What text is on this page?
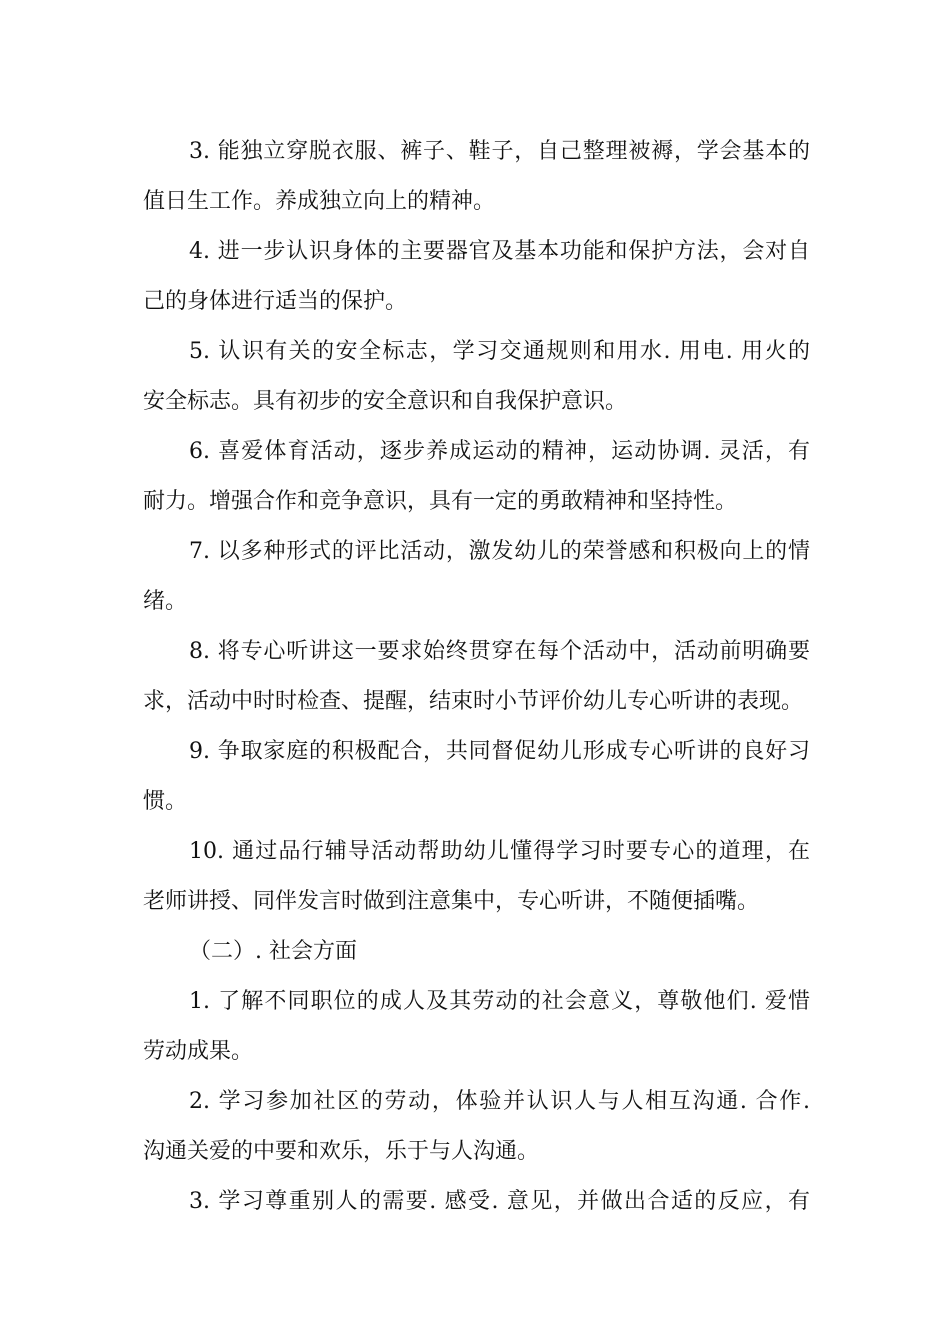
3. 能独立穿脱衣服、裤子、鞋子，自己整理被褥，学会基本的
值日生工作。养成独立向上的精神。
4. 进一步认识身体的主要器官及基本功能和保护方法，会对自
己的身体进行适当的保护。
5. 认识有关的安全标志，学习交通规则和用水. 用电. 用火的
安全标志。具有初步的安全意识和自我保护意识。
6. 喜爱体育活动，逐步养成运动的精神，运动协调. 灵活，有
耐力。增强合作和竞争意识，具有一定的勇敢精神和坚持性。
7. 以多种形式的评比活动，激发幼儿的荣誉感和积极向上的情
绪。
8. 将专心听讲这一要求始终贯穿在每个活动中，活动前明确要
求，活动中时时检查、提醒，结束时小节评价幼儿专心听讲的表现。
9. 争取家庭的积极配合，共同督促幼儿形成专心听讲的良好习
惯。
10. 通过品行辅导活动帮助幼儿懂得学习时要专心的道理，在
老师讲授、同伴发言时做到注意集中，专心听讲，不随便插嘴。
（二）. 社会方面
1. 了解不同职位的成人及其劳动的社会意义，尊敬他们. 爱惜
劳动成果。
2. 学习参加社区的劳动，体验并认识人与人相互沟通. 合作.
沟通关爱的中要和欢乐，乐于与人沟通。
3. 学习尊重别人的需要. 感受. 意见，并做出合适的反应，有
